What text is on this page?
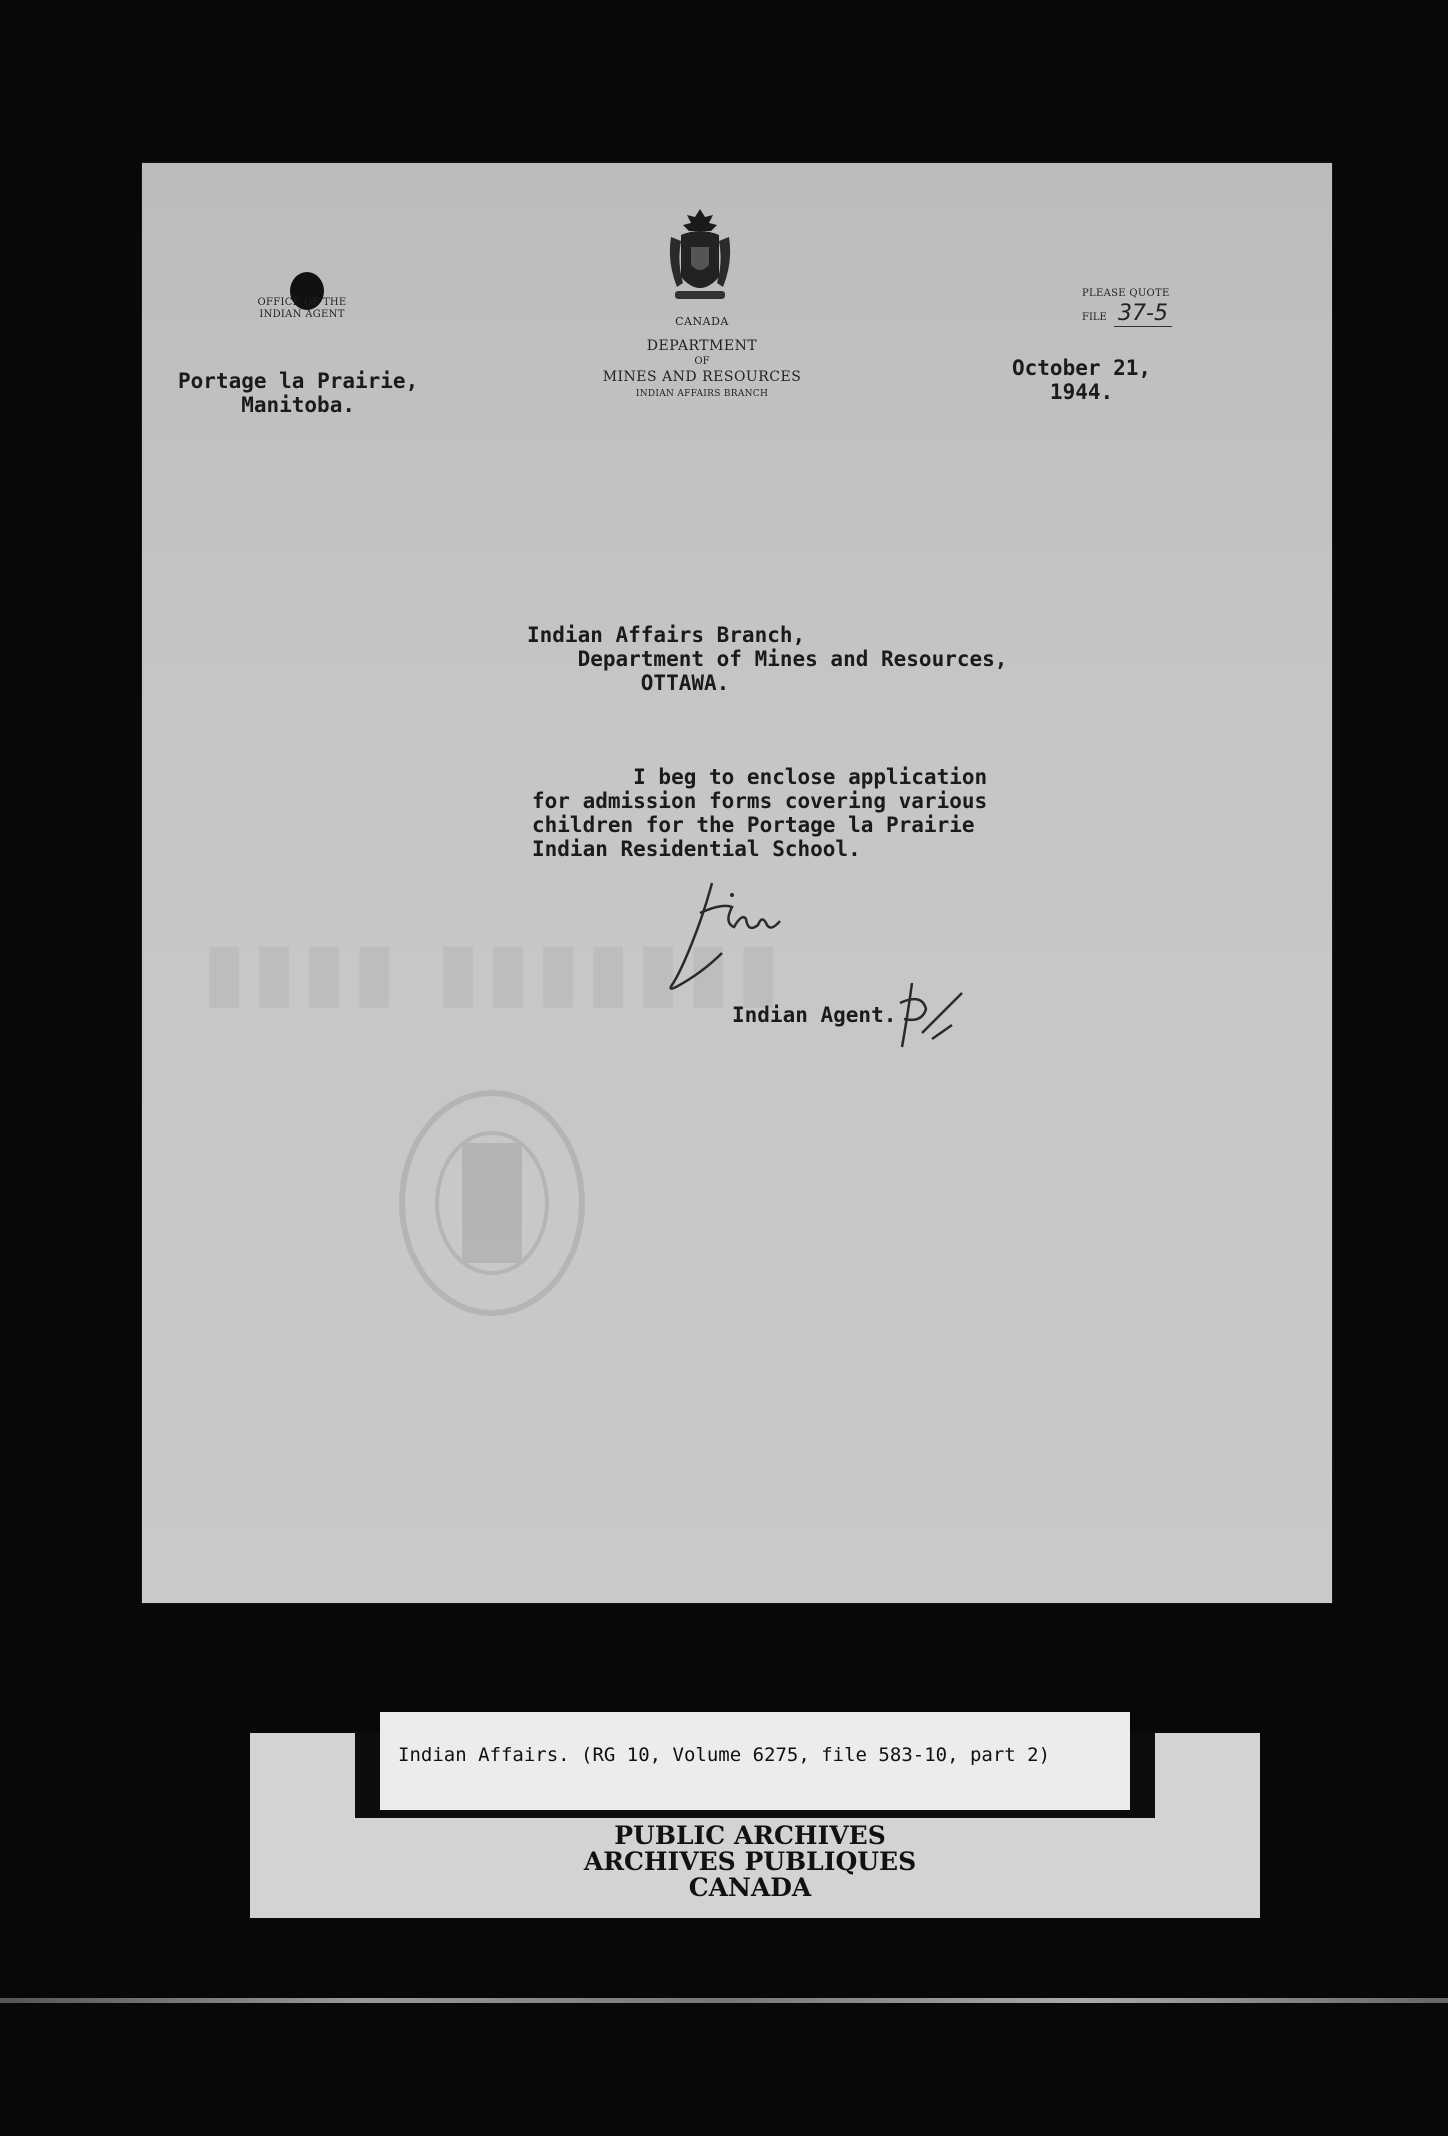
OFFICE OF THE
INDIAN AGENT
CANADA
DEPARTMENT
OF
MINES AND RESOURCES
INDIAN AFFAIRS BRANCH
PLEASE QUOTE
FILE 37-5
Portage la Prairie,
Manitoba.
October 21,
1944.
Indian Affairs Branch,
Department of Mines and Resources,
OTTAWA.
I beg to enclose application
for admission forms covering various
children for the Portage la Prairie
Indian Residential School.
Indian Agent.
Indian Affairs. (RG 10, Volume 6275, file 583-10, part 2)
PUBLIC ARCHIVES
ARCHIVES PUBLIQUES
CANADA
